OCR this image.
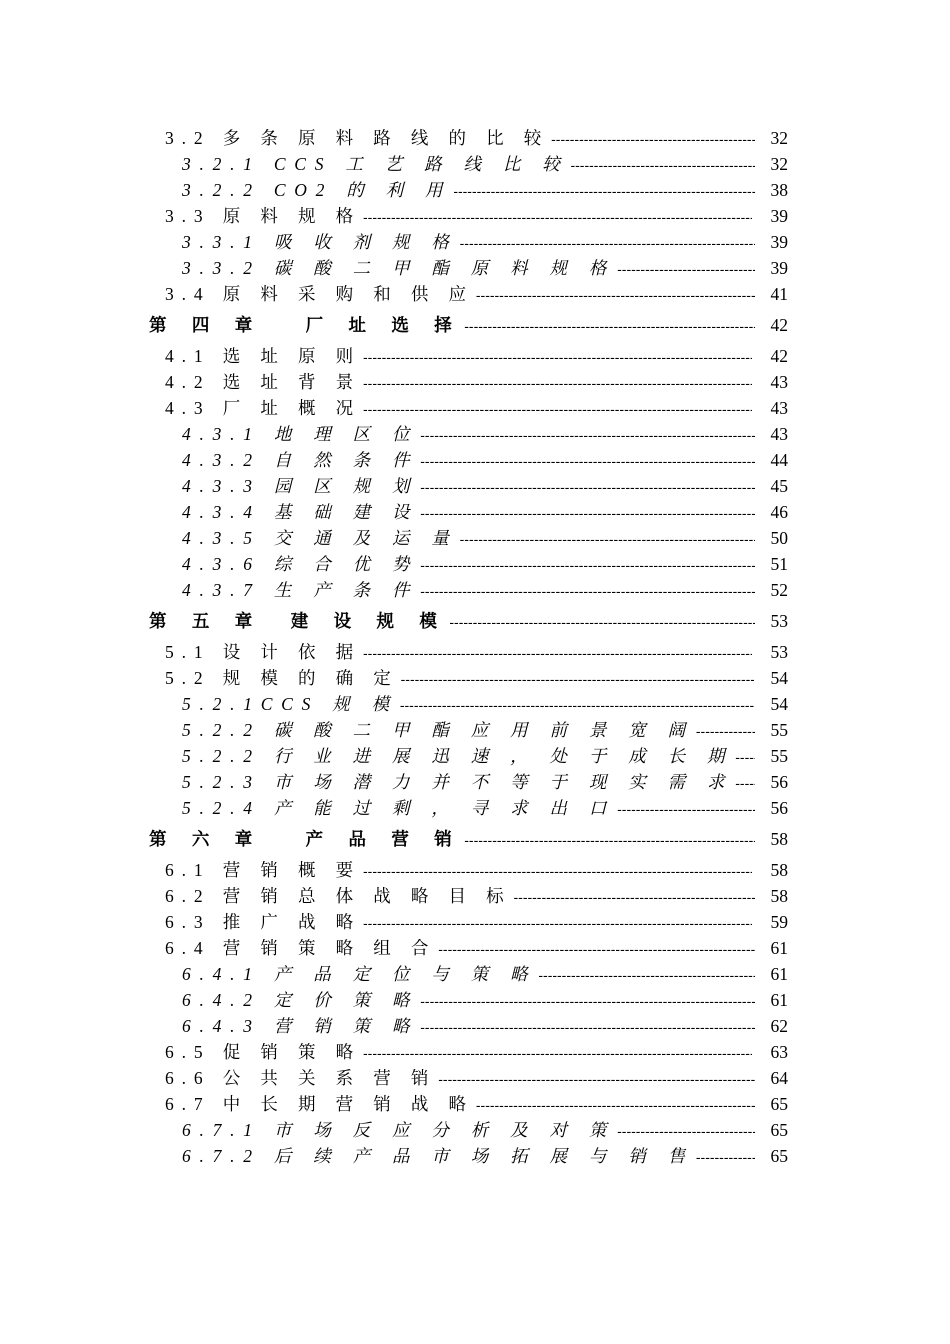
3.2 多 条 原 料 路 线 的 比 较 -----	32
3.2.1 CCS 工 艺 路 线 比 较 -----	32
3.2.2 CO2 的 利 用 -----	38
3.3 原 料 规 格 -----	39
3.3.1 吸 收 剂 规 格 -----	39
3.3.2 碳 酸 二 甲 酯 原 料 规 格 -----	39
3.4 原 料 采 购 和 供 应 -----	41
第 四 章　 厂 址 选 择 -----	42
4.1 选 址 原 则 -----	42
4.2 选 址 背 景 -----	43
4.3 厂 址 概 况 -----	43
4.3.1 地 理 区 位 -----	43
4.3.2 自 然 条 件 -----	44
4.3.3 园 区 规 划 -----	45
4.3.4 基 础 建 设 -----	46
4.3.5 交 通 及 运 量 -----	50
4.3.6 综 合 优 势 -----	51
4.3.7 生 产 条 件 -----	52
第 五 章　建 设 规 模 -----	53
5.1 设 计 依 据 -----	53
5.2 规 模 的 确 定 -----	54
5.2.1CCS 规 模 -----	54
5.2.2 碳 酸 二 甲 酯 应 用 前 景 宽 阔 -----	55
5.2.2 行 业 进 展 迅 速 ， 处 于 成 长 期 ----- 55
5.2.3 市 场 潜 力 并 不 等 于 现 实 需 求 ----- 56
5.2.4 产 能 过 剩 ， 寻 求 出 口 -----	56
第 六 章　 产 品 营 销 -----	58
6.1 营 销 概 要 -----	58
6.2 营 销 总 体 战 略 目 标 -----	58
6.3 推 广 战 略 -----	59
6.4 营 销 策 略 组 合 -----	61
6.4.1 产 品 定 位 与 策 略 -----	61
6.4.2 定 价 策 略 -----	61
6.4.3 营 销 策 略 -----	62
6.5 促 销 策 略 -----	63
6.6 公 共 关 系 营 销 -----	64
6.7 中 长 期 营 销 战 略 -----	65
6.7.1 市 场 反 应 分 析 及 对 策 -----	65
6.7.2 后 续 产 品 市 场 拓 展 与 销 售 -----	65
